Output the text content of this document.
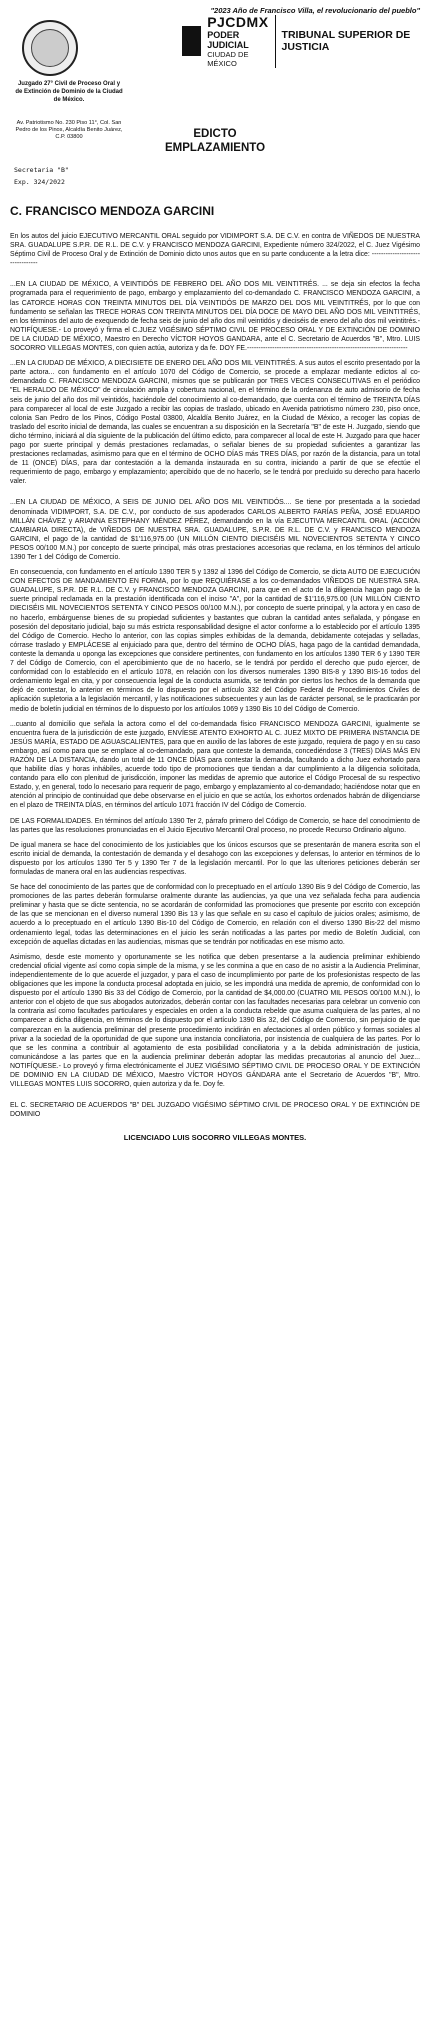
"2023 Año de Francisco Villa, el revolucionario del pueblo"
PJCDMX
PODER JUDICIAL
CIUDAD DE MÉXICO
TRIBUNAL SUPERIOR DE JUSTICIA
Juzgado 27° Civil de Proceso Oral y de Extinción de Dominio de la Ciudad de México.
Av. Patriotismo No. 230 Piso 11°, Col. San Pedro de los Pinos, Alcaldía Benito Juárez, C.P. 03800	EDICTO
EMPLAZAMIENTO
Secretaria "B"
Exp. 324/2022
C. FRANCISCO MENDOZA GARCINI

En los autos del juicio EJECUTIVO MERCANTIL ORAL seguido por VIDIMPORT S.A. DE C.V. en contra de VIÑEDOS DE NUESTRA SRA. GUADALUPE S.P.R. DE R.L. DE C.V. y FRANCISCO MENDOZA GARCINI, Expediente número 324/2022, el C. Juez Vigésimo Séptimo Civil de Proceso Oral y de Extinción de Dominio dicto unos autos que en su parte conducente a la letra dice: ---------------------------------

...EN LA CIUDAD DE MÉXICO, A VEINTIDÓS DE FEBRERO DEL AÑO DOS MIL VEINTITRÉS. ... se deja sin efectos la fecha programada para el requerimiento de pago, embargo y emplazamiento del co-demandado C. FRANCISCO MENDOZA GARCINI, a las CATORCE HORAS CON TREINTA MINUTOS DEL DÍA VEINTIDÓS DE MARZO DEL DOS MIL VEINTITRÉS, por lo que con fundamento se señalan las TRECE HORAS CON TREINTA MINUTOS DEL DÍA DOCE DE MAYO DEL AÑO DOS MIL VEINTITRÉS, en los términos del auto de exequendo de fecha seis de junio del año dos mil veintidós y dieciséis de enero del año dos mil veintitrés.- NOTIFÍQUESE.- Lo proveyó y firma el C.JUEZ VIGÉSIMO SÉPTIMO CIVIL DE PROCESO ORAL Y DE EXTINCIÓN DE DOMINIO DE LA CIUDAD DE MÉXICO, Maestro en Derecho VÍCTOR HOYOS GANDARA, ante el C. Secretario de Acuerdos "B", Mtro. LUIS SOCORRO VILLEGAS MONTES, con quien actúa, autoriza y da fe. DOY FE.----------------------------------------------------------------------

...EN LA CIUDAD DE MÉXICO, A DIECISIETE DE ENERO DEL AÑO DOS MIL VEINTITRÉS. A sus autos el escrito presentado por la parte actora... con fundamento en el artículo 1070 del Código de Comercio, se procede a emplazar mediante edictos al co-demandado C. FRANCISCO MENDOZA GARCINI, mismos que se publicarán por TRES VECES CONSECUTIVAS en el periódico "EL HERALDO DE MÉXICO" de circulación amplia y cobertura nacional, en el término de la ordenanza de auto admisorio de fecha seis de junio del año dos mil veintidós, haciéndole del conocimiento al co-demandado, que cuenta con el término de TREINTA DÍAS para comparecer al local de este Juzgado a recibir las copias de traslado, ubicado en Avenida patriotismo número 230, piso once, colonia San Pedro de los Pinos, Código Postal 03800, Alcaldía Benito Juárez, en la Ciudad de México, a recoger las copias de traslado del escrito inicial de demanda, las cuales se encuentran a su disposición en la Secretaría "B" de este H. Juzgado, siendo que dicho término, iniciará al día siguiente de la publicación del último edicto, para comparecer al local de este H. Juzgado para que hacer pago por suerte principal y demás prestaciones reclamadas, o señalar bienes de su propiedad suficientes a garantizar las prestaciones reclamadas, asimismo para que en el término de OCHO DÍAS más TRES DÍAS, por razón de la distancia, para un total de 11 (ONCE) DÍAS, para dar contestación a la demanda instaurada en su contra, iniciando a partir de que se efectúe el requerimiento de pago, embargo y emplazamiento; apercibido que de no hacerlo, se le tendrá por precluido su derecho para hacerlo valer.

...EN LA CIUDAD DE MÉXICO, A SEIS DE JUNIO DEL AÑO DOS MIL VEINTIDÓS.... Se tiene por presentada a la sociedad denominada VIDIMPORT, S.A. DE C.V., por conducto de sus apoderados CARLOS ALBERTO FARÍAS PEÑA, JOSÉ EDUARDO MILLÁN CHÁVEZ y ARIANNA ESTEPHANY MÉNDEZ PÉREZ, demandando en la vía EJECUTIVA MERCANTIL ORAL (ACCIÓN CAMBIARIA DIRECTA), de VIÑEDOS DE NUESTRA SRA. GUADALUPE, S.P.R. DE R.L. DE C.V. y FRANCISCO MENDOZA GARCINI, el pago de la cantidad de $1'116,975.00 (UN MILLÓN CIENTO DIECISÉIS MIL NOVECIENTOS SETENTA Y CINCO PESOS 00/100 M.N.) por concepto de suerte principal, más otras prestaciones accesorias que reclama, en los términos del artículo 1390 Ter 1 del Código de Comercio.

En consecuencia, con fundamento en el artículo 1390 TER 5 y 1392 al 1396 del Código de Comercio, se dicta AUTO DE EJECUCIÓN CON EFECTOS DE MANDAMIENTO EN FORMA, por lo que REQUIÉRASE a los co-demandados VIÑEDOS DE NUESTRA SRA. GUADALUPE, S.P.R. DE R.L. DE C.V. y FRANCISCO MENDOZA GARCINI, para que en el acto de la diligencia hagan pago de la suerte principal reclamada en la prestación identificada con el inciso "A", por la cantidad de $1'116,975.00 (UN MILLÓN CIENTO DIECISÉIS MIL NOVECIENTOS SETENTA Y CINCO PESOS 00/100 M.N.), por concepto de suerte principal, y la actora y en caso de no hacerlo, embárguense bienes de su propiedad suficientes y bastantes que cubran la cantidad antes señalada, y póngase en posesión del depositario judicial, bajo su más estricta responsabilidad designe el actor conforme a lo establecido por el artículo 1395 del Código de Comercio. Hecho lo anterior, con las copias simples exhibidas de la demanda, debidamente cotejadas y selladas, córrase traslado y EMPLÁCESE al enjuiciado para que, dentro del término de OCHO DÍAS, haga pago de la cantidad demandada, conteste la demanda u oponga las excepciones que considere pertinentes, con fundamento en los artículos 1390 TER 6 y 1390 TER 7 del Código de Comercio, con el apercibimiento que de no hacerlo, se le tendrá por perdido el derecho que pudo ejercer, de conformidad con lo establecido en el artículo 1078, en relación con los diversos numerales 1390 BIS-8 y 1390 BIS-16 todos del ordenamiento legal en cita, y por consecuencia legal de la conducta asumida, se tendrán por ciertos los hechos de la demanda que dejó de contestar, lo anterior en términos de lo dispuesto por el artículo 332 del Código Federal de Procedimientos Civiles de aplicación supletoria a la legislación mercantil, y las notificaciones subsecuentes y aun las de carácter personal, se le practicarán por medio de boletín judicial en términos de lo dispuesto por los artículos 1069 y 1390 Bis 10 del Código de Comercio.

...cuanto al domicilio que señala la actora como el del co-demandada físico FRANCISCO MENDOZA GARCINI, igualmente se encuentra fuera de la jurisdicción de este juzgado, ENVÍESE ATENTO EXHORTO AL C. JUEZ MIXTO DE PRIMERA INSTANCIA DE JESÚS MARÍA, ESTADO DE AGUASCALIENTES, para que en auxilio de las labores de este juzgado, requiera de pago y en su caso embargo, así como para que se emplace al co-demandado, para que conteste la demanda, concediéndose 3 (TRES) DÍAS MÁS EN RAZÓN DE LA DISTANCIA, dando un total de 11 ONCE DÍAS para contestar la demanda, facultando a dicho Juez exhortado para que habilite días y horas inhábiles, acuerde todo tipo de promociones que tiendan a dar cumplimiento a la diligencia solicitada, contando para ello con plenitud de jurisdicción, imponer las medidas de apremio que autorice el Código Procesal de su respectivo Estado, y, en general, todo lo necesario para requerir de pago, embargo y emplazamiento al co-demandado; haciéndose notar que en atención al principio de continuidad que debe observarse en el juicio en que se actúa, los exhortos ordenados habrán de diligenciarse en el plazo de TREINTA DÍAS, en términos del artículo 1071 fracción IV del Código de Comercio.

DE LAS FORMALIDADES. En términos del artículo 1390 Ter 2, párrafo primero del Código de Comercio, se hace del conocimiento de las partes que las resoluciones pronunciadas en el Juicio Ejecutivo Mercantil Oral proceso, no procede Recurso Ordinario alguno.

De igual manera se hace del conocimiento de los justiciables que los únicos escursos que se presentarán de manera escrita son el escrito inicial de demanda, la contestación de demanda y el desahogo con las excepciones y defensas, lo anterior en términos de lo dispuesto por los artículos 1390 Ter 5 y 1390 Ter 7 de la legislación mercantil. Por lo que las ulteriores peticiones deberán ser formuladas de manera oral en las audiencias respectivas.

Se hace del conocimiento de las partes que de conformidad con lo preceptuado en el artículo 1390 Bis 9 del Código de Comercio, las promociones de las partes deberán formularse oralmente durante las audiencias, ya que una vez señalada fecha para audiencia preliminar y hasta que se dicte sentencia, no se acordarán de conformidad las promociones que presente por escrito con excepción de las que se mencionan en el diverso numeral 1390 Bis 13 y las que señale en su caso el capítulo de juicios orales; asimismo, de acuerdo a lo preceptuado en el artículo 1390 Bis-10 del Código de Comercio, en relación con el diverso 1390 Bis-22 del mismo ordenamiento legal, todas las determinaciones en el juicio les serán notificadas a las partes por medio de Boletín Judicial, con excepción de aquellas dictadas en las audiencias, mismas que se tendrán por notificadas en ese mismo acto.

Asimismo, desde este momento y oportunamente se les notifica que deben presentarse a la audiencia preliminar exhibiendo credencial oficial vigente así como copia simple de la misma, y se les conmina a que en caso de no asistir a la Audiencia Preliminar, independientemente de lo que acuerde el juzgador, y para el caso de incumplimiento por parte de los profesionistas respecto de las obligaciones que les impone la conducta procesal adoptada en juicio, se les impondrá una medida de apremio, de conformidad con lo dispuesto por el artículo 1390 Bis 33 del Código de Comercio, por la cantidad de $4,000.00 (CUATRO MIL PESOS 00/100 M.N.), lo anterior con el objeto de que sus abogados autorizados, deberán contar con las facultades necesarias para celebrar un convenio con la contraria así como facultades particulares y especiales en orden a la conducta rebelde que asuma cualquiera de las partes, al no comparecer a dicha diligencia, en términos de lo dispuesto por el artículo 1390 Bis 32, del Código de Comercio, sin perjuicio de que comparezcan en la audiencia preliminar del presente procedimiento incidirán en afectaciones al orden público y formas sociales al privar a la sociedad de la oportunidad de que supone una instancia conciliatoria, por insistencia de cualquiera de las partes. Por lo que se les conmina a contribuir al agotamiento de esta posibilidad conciliatoria y a la debida administración de justicia, comunicándose a las partes que en la audiencia preliminar deberán adoptar las medidas precautorias al anuncio del Juez... NOTIFÍQUESE.- Lo proveyó y firma electrónicamente el JUEZ VIGÉSIMO SÉPTIMO CIVIL DE PROCESO ORAL Y DE EXTINCIÓN DE DOMINIO EN LA CIUDAD DE MÉXICO, Maestro VÍCTOR HOYOS GÁNDARA ante el Secretario de Acuerdos "B", Mtro. VILLEGAS MONTES LUIS SOCORRO, quien autoriza y da fe. Doy fe.

EL C. SECRETARIO DE ACUERDOS "B" DEL JUZGADO VIGÉSIMO SÉPTIMO CIVIL DE PROCESO ORAL Y DE EXTINCIÓN DE DOMINIO

LICENCIADO LUIS SOCORRO VILLEGAS MONTES.
